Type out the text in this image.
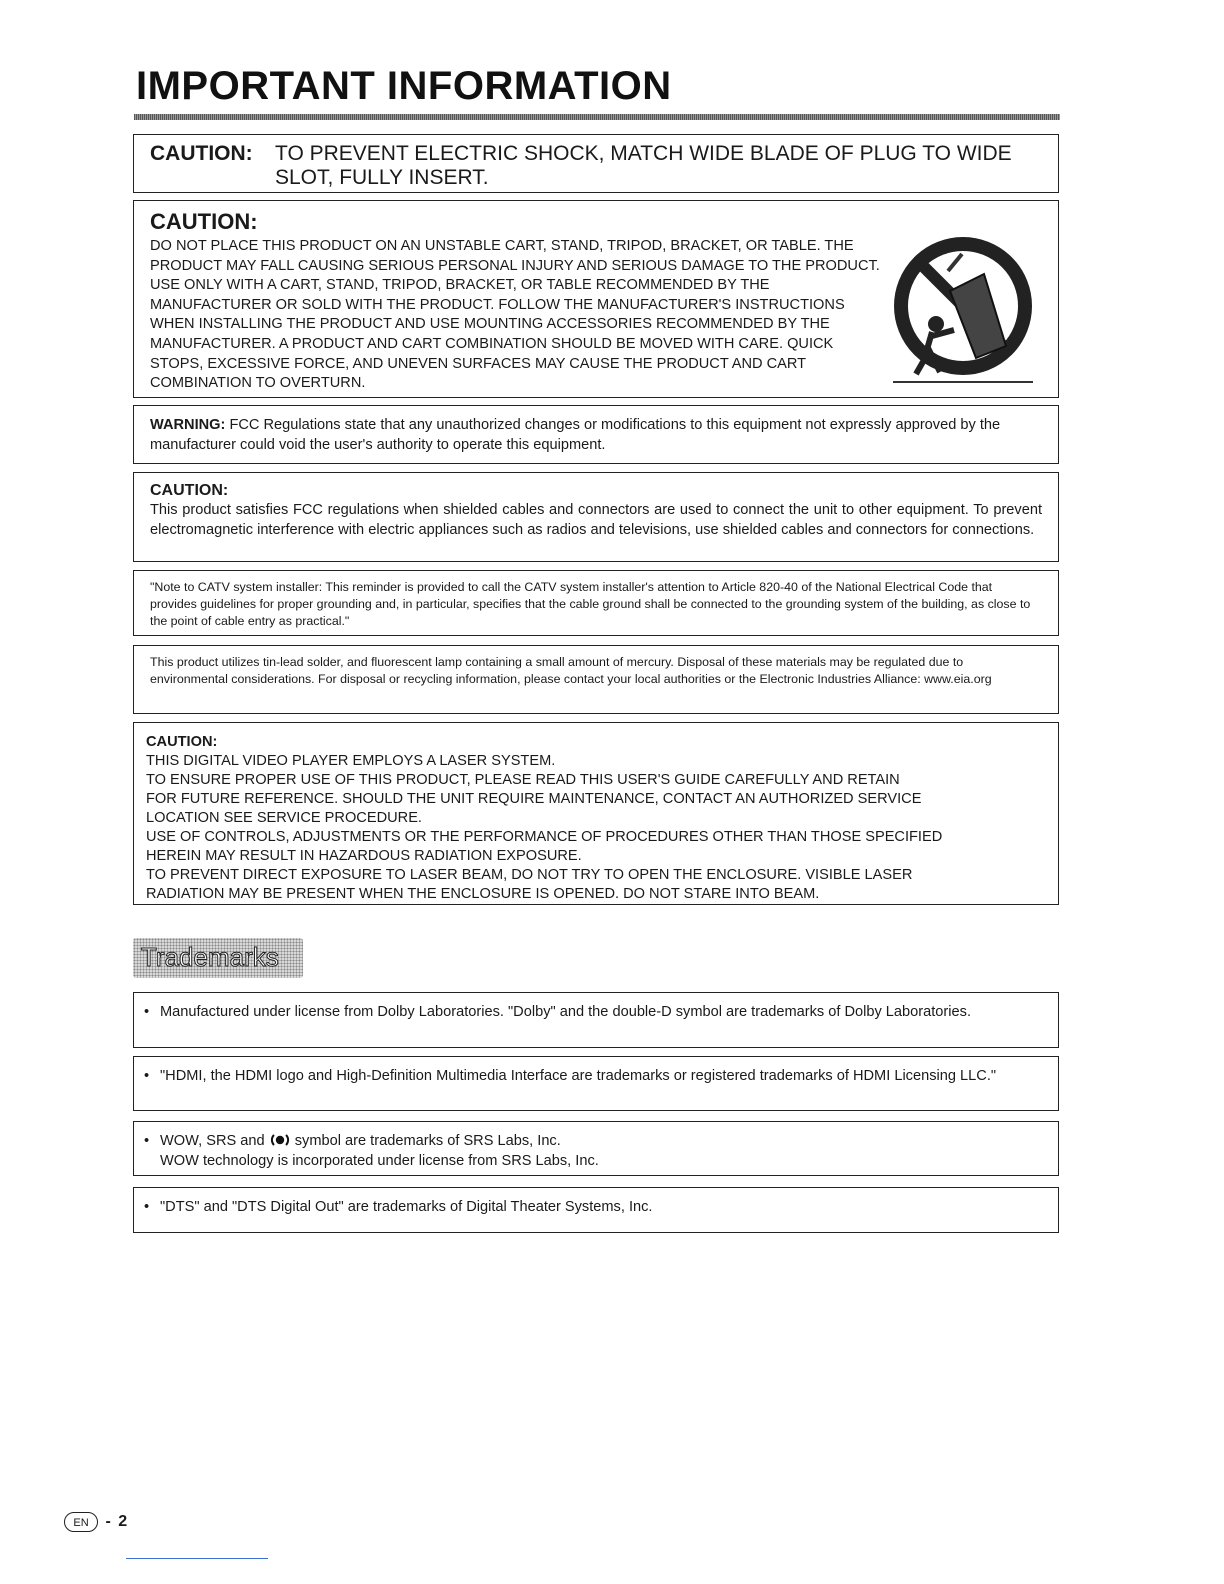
IMPORTANT INFORMATION
CAUTION: TO PREVENT ELECTRIC SHOCK, MATCH WIDE BLADE OF PLUG TO WIDE SLOT, FULLY INSERT.

CAUTION:

DO NOT PLACE THIS PRODUCT ON AN UNSTABLE CART, STAND, TRIPOD, BRACKET, OR TABLE. THE PRODUCT MAY FALL CAUSING SERIOUS PERSONAL INJURY AND SERIOUS DAMAGE TO THE PRODUCT. USE ONLY WITH A CART, STAND, TRIPOD, BRACKET, OR TABLE RECOMMENDED BY THE MANUFACTURER OR SOLD WITH THE PRODUCT. FOLLOW THE MANUFACTURER'S INSTRUCTIONS WHEN INSTALLING THE PRODUCT AND USE MOUNTING ACCESSORIES RECOMMENDED BY THE MANUFACTURER. A PRODUCT AND CART COMBINATION SHOULD BE MOVED WITH CARE. QUICK STOPS, EXCESSIVE FORCE, AND UNEVEN SURFACES MAY CAUSE THE PRODUCT AND CART COMBINATION TO OVERTURN.

WARNING: FCC Regulations state that any unauthorized changes or modifications to this equipment not expressly approved by the manufacturer could void the user's authority to operate this equipment.

CAUTION:

This product satisfies FCC regulations when shielded cables and connectors are used to connect the unit to other equipment. To prevent electromagnetic interference with electric appliances such as radios and televisions, use shielded cables and connectors for connections.

"Note to CATV system installer: This reminder is provided to call the CATV system installer's attention to Article 820-40 of the National Electrical Code that provides guidelines for proper grounding and, in particular, specifies that the cable ground shall be connected to the grounding system of the building, as close to the point of cable entry as practical."

This product utilizes tin-lead solder, and fluorescent lamp containing a small amount of mercury. Disposal of these materials may be regulated due to environmental considerations. For disposal or recycling information, please contact your local authorities or the Electronic Industries Alliance: www.eia.org

CAUTION:

THIS DIGITAL VIDEO PLAYER EMPLOYS A LASER SYSTEM.

TO ENSURE PROPER USE OF THIS PRODUCT, PLEASE READ THIS USER'S GUIDE CAREFULLY AND RETAIN

FOR FUTURE REFERENCE. SHOULD THE UNIT REQUIRE MAINTENANCE, CONTACT AN AUTHORIZED SERVICE

LOCATION SEE SERVICE PROCEDURE.

USE OF CONTROLS, ADJUSTMENTS OR THE PERFORMANCE OF PROCEDURES OTHER THAN THOSE SPECIFIED

HEREIN MAY RESULT IN HAZARDOUS RADIATION EXPOSURE.

TO PREVENT DIRECT EXPOSURE TO LASER BEAM, DO NOT TRY TO OPEN THE ENCLOSURE. VISIBLE LASER

RADIATION MAY BE PRESENT WHEN THE ENCLOSURE IS OPENED. DO NOT STARE INTO BEAM.

Trademarks
• Manufactured under license from Dolby Laboratories. "Dolby" and the double-D symbol are trademarks of Dolby Laboratories.
• "HDMI, the HDMI logo and High-Definition Multimedia Interface are trademarks or registered trademarks of HDMI Licensing LLC."
• WOW, SRS and symbol are trademarks of SRS Labs, Inc.
WOW technology is incorporated under license from SRS Labs, Inc.
• "DTS" and "DTS Digital Out" are trademarks of Digital Theater Systems, Inc.
EN - 2
